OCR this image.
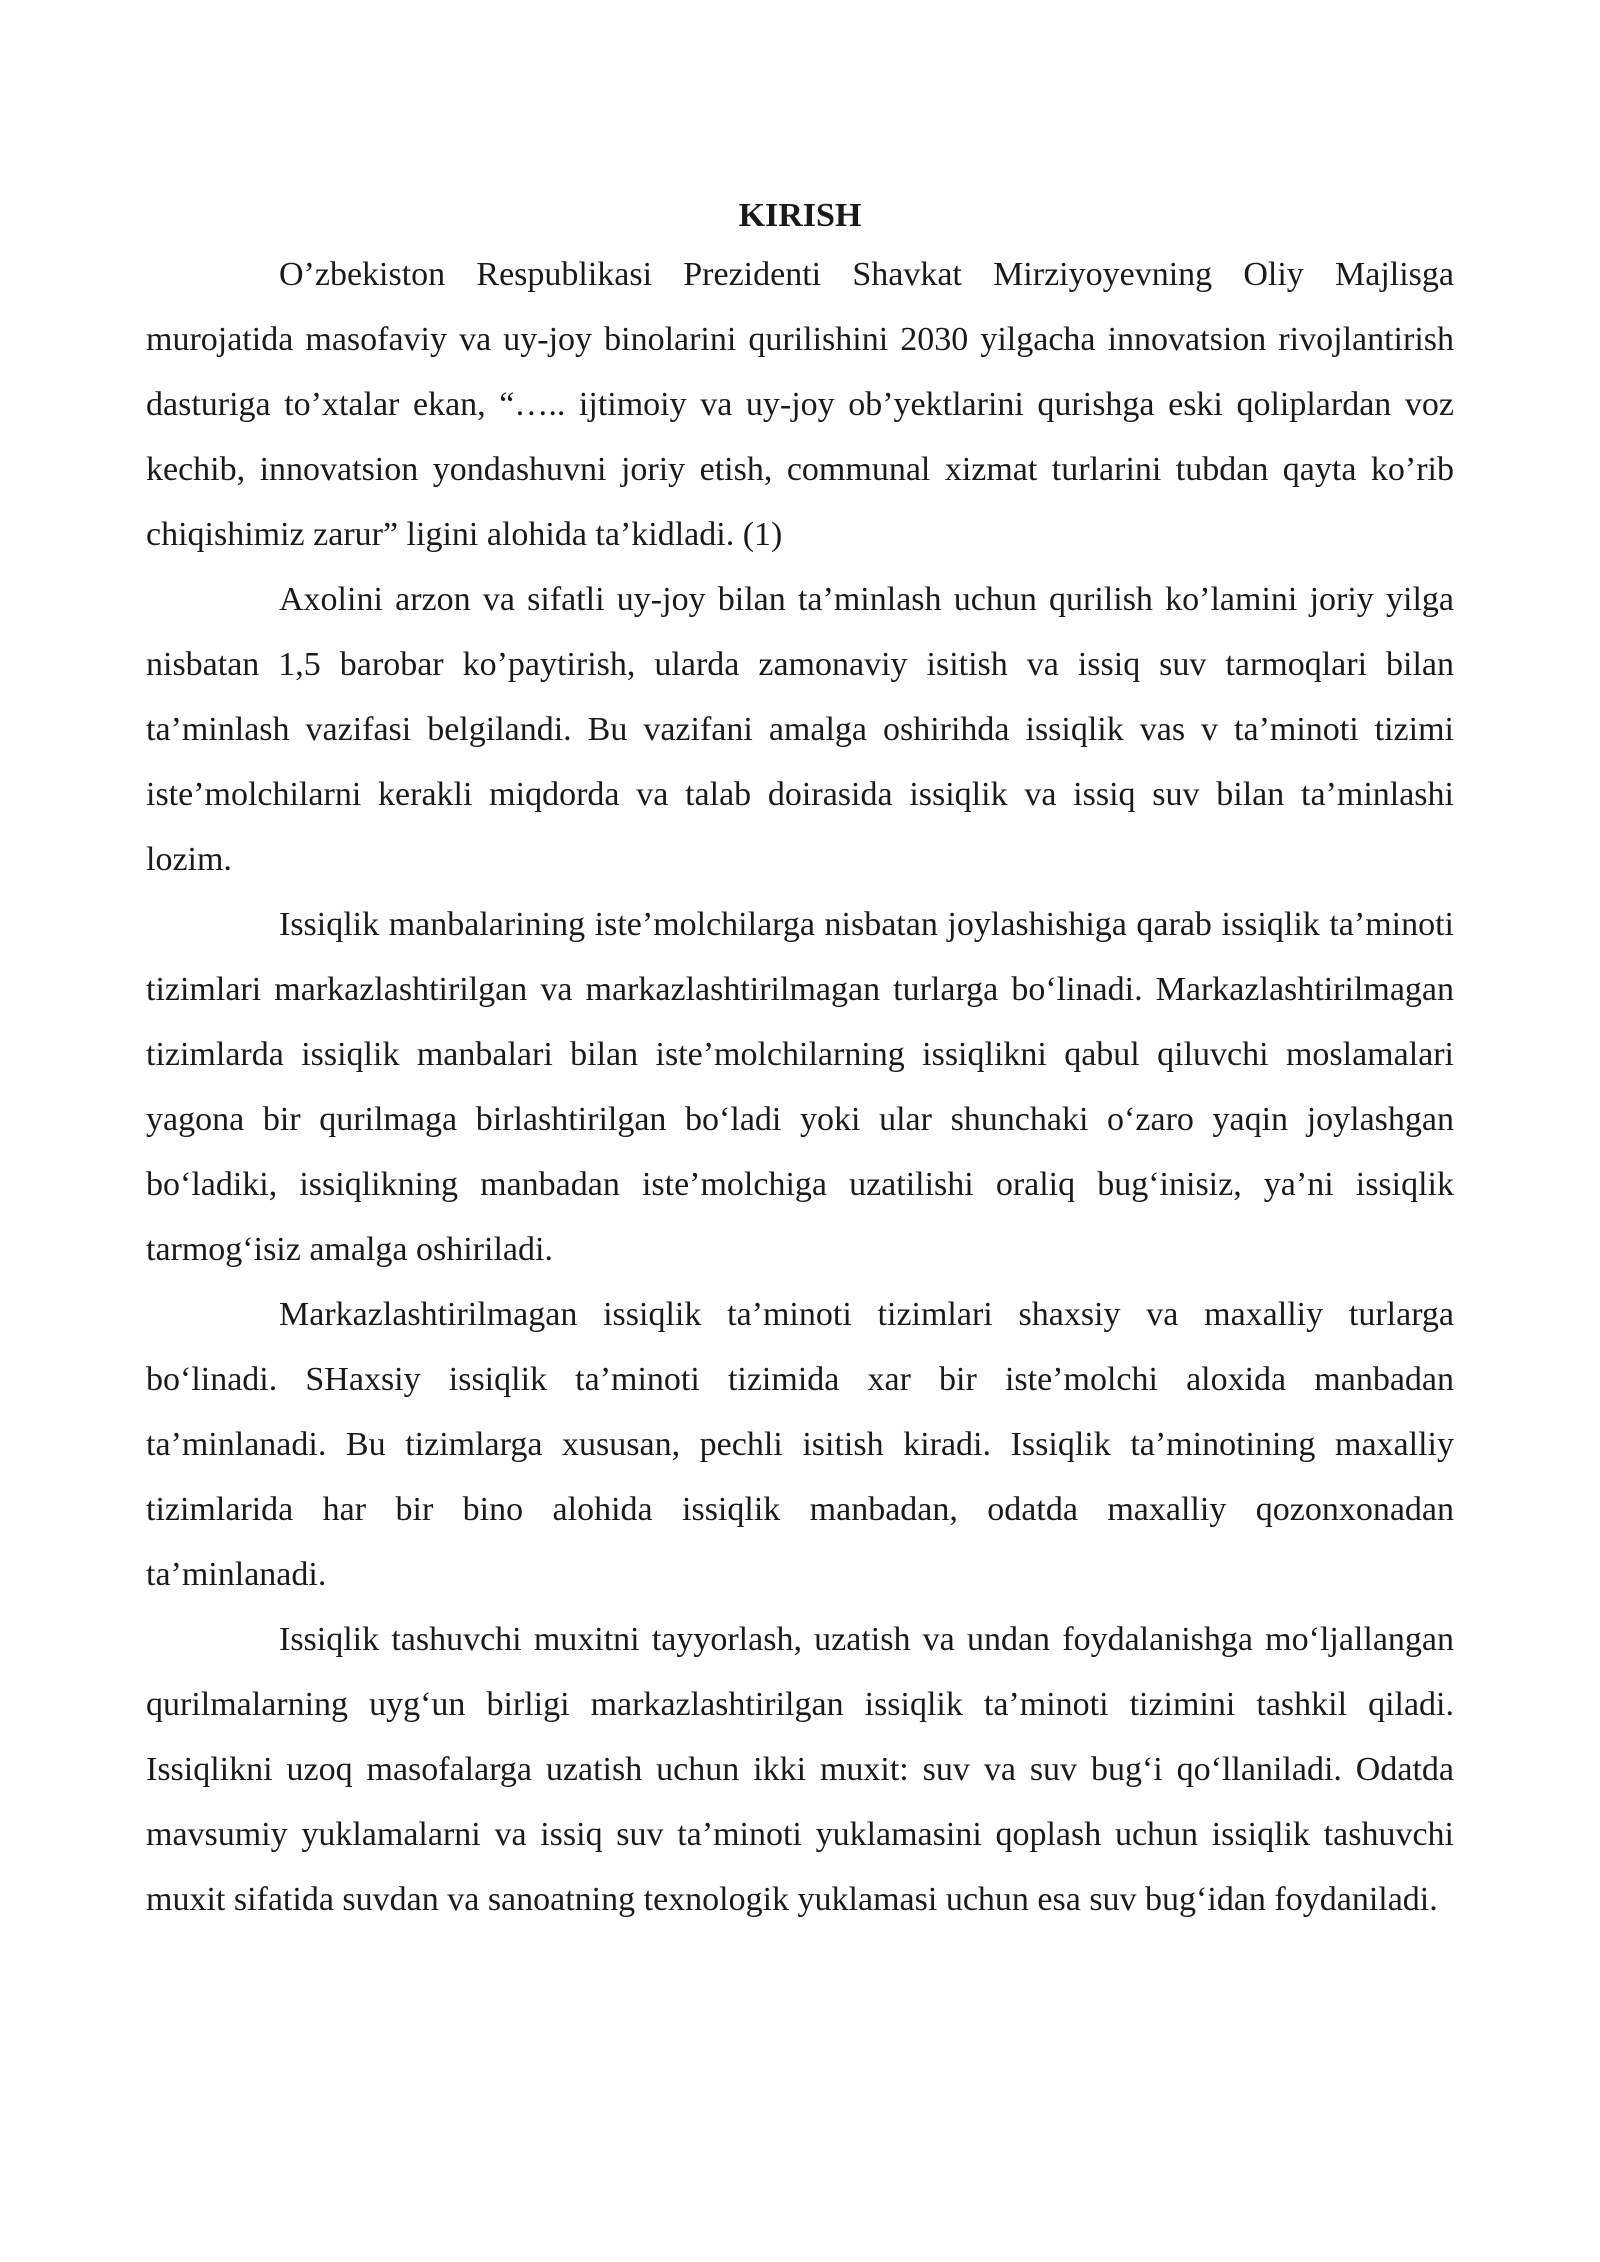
KIRISH

O’zbekiston Respublikasi Prezidenti Shavkat Mirziyoyevning Oliy Majlisga murojatida masofaviy va uy-joy binolarini qurilishini 2030 yilgacha innovatsion rivojlantirish dasturiga to’xtalar ekan, “….. ijtimoiy va uy-joy ob’yektlarini qurishga eski qoliplardan voz kechib, innovatsion yondashuvni joriy etish, communal xizmat turlarini tubdan qayta ko’rib chiqishimiz zarur” ligini alohida ta’kidladi. (1)

Axolini arzon va sifatli uy-joy bilan ta’minlash uchun qurilish ko’lamini joriy yilga nisbatan 1,5 barobar ko’paytirish, ularda zamonaviy isitish va issiq suv tarmoqlari bilan ta’minlash vazifasi belgilandi. Bu vazifani amalga oshirihda issiqlik vas v ta’minoti tizimi iste’molchilarni kerakli miqdorda va talab doirasida issiqlik va issiq suv bilan ta’minlashi lozim.

Issiqlik manbalarining iste’molchilarga nisbatan joylashishiga qarab issiqlik ta’minoti tizimlari markazlashtirilgan va markazlashtirilmagan turlarga bo‘linadi. Markazlashtirilmagan tizimlarda issiqlik manbalari bilan iste’molchilarning issiqlikni qabul qiluvchi moslamalari yagona bir qurilmaga birlashtirilgan bo‘ladi yoki ular shunchaki o‘zaro yaqin joylashgan bo‘ladiki, issiqlikning manbadan iste’molchiga uzatilishi oraliq bug‘inisiz, ya’ni issiqlik tarmog‘isiz amalga oshiriladi.

Markazlashtirilmagan issiqlik ta’minoti tizimlari shaxsiy va maxalliy turlarga bo‘linadi. SHaxsiy issiqlik ta’minoti tizimida xar bir iste’molchi aloxida manbadan ta’minlanadi. Bu tizimlarga xususan, pechli isitish kiradi. Issiqlik ta’minotining maxalliy tizimlarida har bir bino alohida issiqlik manbadan, odatda maxalliy qozonxonadan ta’minlanadi.

Issiqlik tashuvchi muxitni tayyorlash, uzatish va undan foydalanishga mo‘ljallangan qurilmalarning uyg‘un birligi markazlashtirilgan issiqlik ta’minoti tizimini tashkil qiladi. Issiqlikni uzoq masofalarga uzatish uchun ikki muxit: suv va suv bug‘i qo‘llaniladi. Odatda mavsumiy yuklamalarni va issiq suv ta’minoti yuklamasini qoplash uchun issiqlik tashuvchi muxit sifatida suvdan va sanoatning texnologik yuklamasi uchun esa suv bug‘idan foydaniladi.
